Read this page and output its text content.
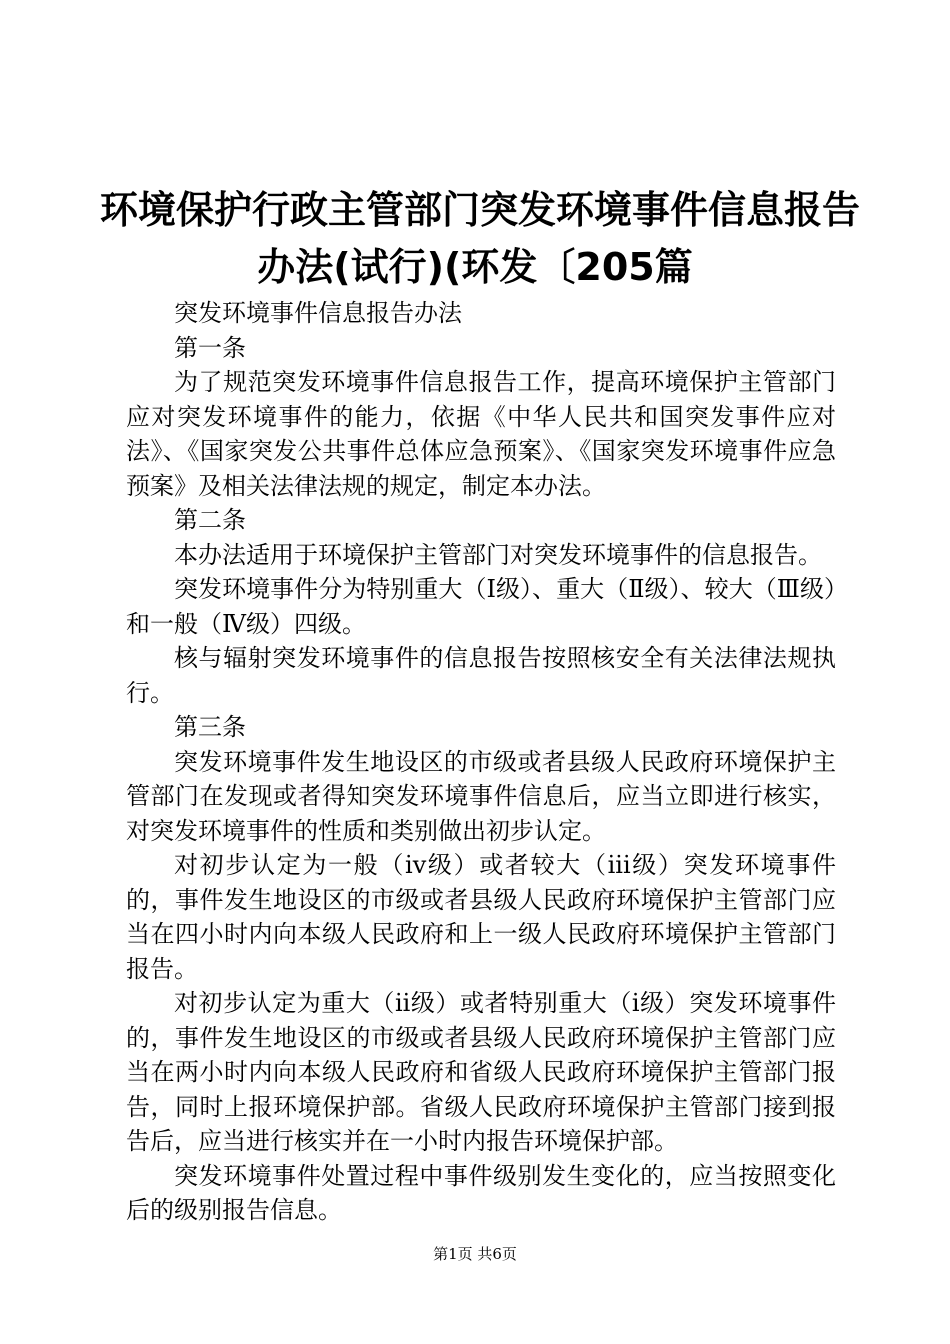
环境保护行政主管部门突发环境事件信息报告
办法(试行)(环发〔205篇

突发环境事件信息报告办法

第一条

为了规范突发环境事件信息报告工作，提高环境保护主管部门应对突发环境事件的能力，依据《中华人民共和国突发事件应对法》、《国家突发公共事件总体应急预案》、《国家突发环境事件应急预案》及相关法律法规的规定，制定本办法。

第二条

本办法适用于环境保护主管部门对突发环境事件的信息报告。

突发环境事件分为特别重大（Ⅰ级）、重大（Ⅱ级）、较大（Ⅲ级）和一般（Ⅳ级）四级。

核与辐射突发环境事件的信息报告按照核安全有关法律法规执行。

第三条

突发环境事件发生地设区的市级或者县级人民政府环境保护主管部门在发现或者得知突发环境事件信息后，应当立即进行核实，对突发环境事件的性质和类别做出初步认定。

对初步认定为一般（iv级）或者较大（iii级）突发环境事件的，事件发生地设区的市级或者县级人民政府环境保护主管部门应当在四小时内向本级人民政府和上一级人民政府环境保护主管部门报告。

对初步认定为重大（ii级）或者特别重大（i级）突发环境事件的，事件发生地设区的市级或者县级人民政府环境保护主管部门应当在两小时内向本级人民政府和省级人民政府环境保护主管部门报告，同时上报环境保护部。省级人民政府环境保护主管部门接到报告后，应当进行核实并在一小时内报告环境保护部。

突发环境事件处置过程中事件级别发生变化的，应当按照变化后的级别报告信息。

第1页 共6页
